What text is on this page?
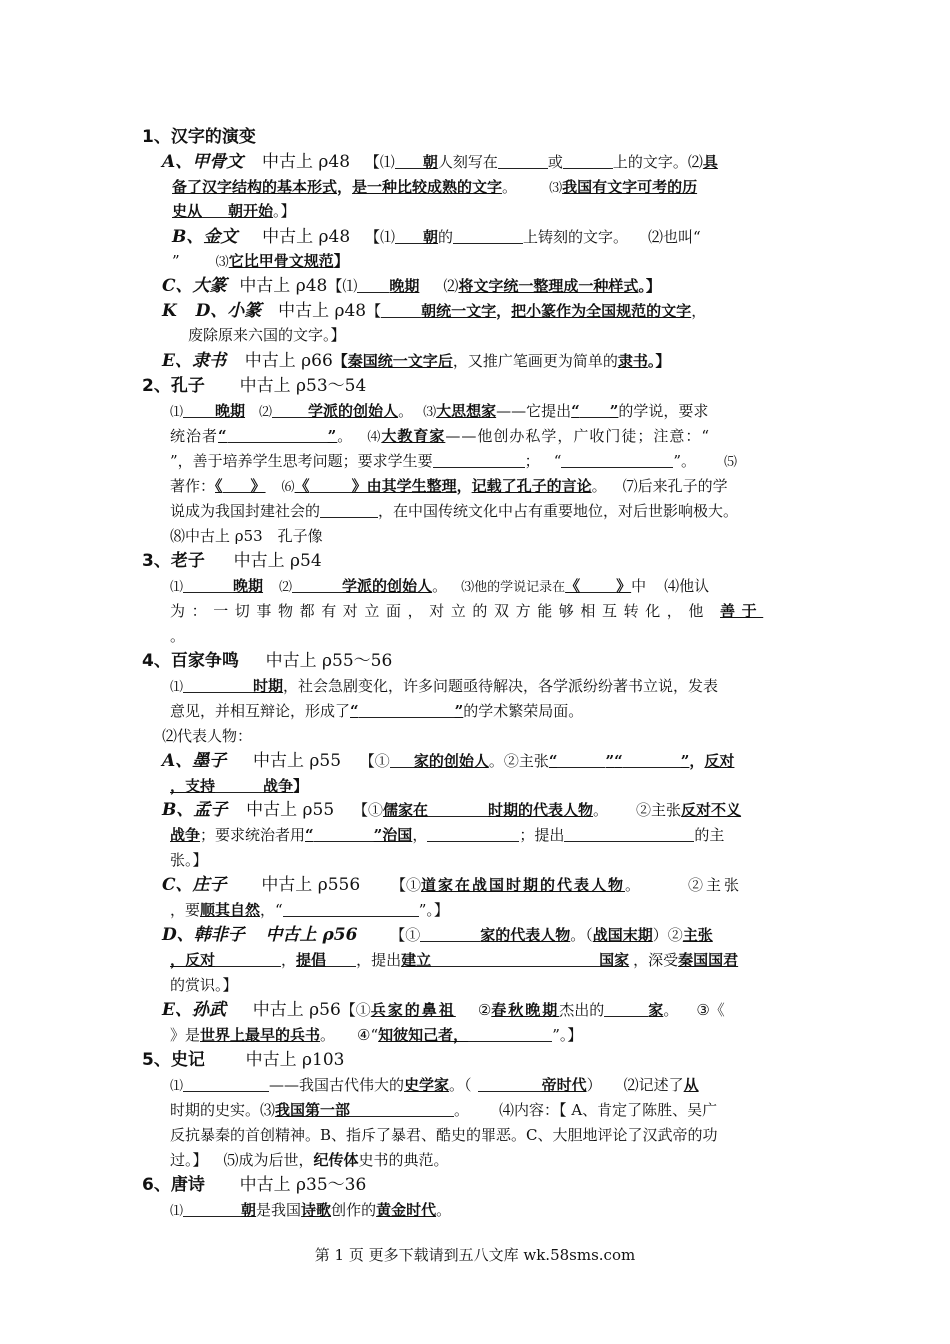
1、汉字的演变
A、甲骨文 中古上 ρ48 【⑴ 朝人刻写在	或	上的文字。⑵具
备了汉字结构的基本形式，是一种比较成熟的文字。 ⑶我国有文字可考的历
史从 朝开始。】
B、金文 中古上 ρ48 【⑴ 朝的	上铸刻的文字。 ⑵也叫“
”	⑶它比甲骨文规范】
C、大篆 中古上 ρ48【⑴ 晚期 ⑵将文字统一整理成一种样式。】
K D、小篆 中古上 ρ48【	朝统一文字，把小篆作为全国规范的文字，
废除原来六国的文字。】
E、隶书 中古上 ρ66【秦国统一文字后，又推广笔画更为简单的隶书。】
2、孔子 中古上 ρ53～54
⑴ 晚期 ⑵ 学派的创始人。 ⑶大思想家——它提出“ ”的学说，要求
统治者“	”。 ⑷大教育家——他创办私学，广收门徒；注意：“
”，善于培养学生思考问题；要求学生要	； “	”。 ⑸
著作：《 》 ⑹《	》由其学生整理，记载了孔子的言论。 ⑺后来孔子的学
说成为我国封建社会的	，在中国传统文化中占有重要地位，对后世影响极大。
⑻中古上 ρ53　孔子像
3、老子 中古上 ρ54
⑴	晚期 ⑵	学派的创始人。 ⑶他的学说记录在《 》中 ⑷他认
为：一切事物都有对立面，对立的双方能够相互转化，他 善于
。
4、百家争鸣 中古上 ρ55～56
⑴	时期，社会急剧变化，许多问题亟待解决，各学派纷纷著书立说，发表
意见，并相互辩论，形成了“	”的学术繁荣局面。
⑵代表人物：
A、墨子 中古上 ρ55 【① 家的创始人。②主张“	”“	”，反对
，支持	战争】
B、孟子 中古上 ρ55 【①儒家在	时期的代表人物。 ②主张反对不义
战争；要求统治者用“	”治国，	；提出	的主
张。】
C、庄子 中古上 ρ556 【①道家在战国时期的代表人物。	②主张
，要顺其自然，“	”。】
D、韩非子 中古上 ρ56 【①	家的代表人物。（战国末期）②主张
，反对	，提倡 ，提出建立	国家 ，深受秦国国君
的赏识。】
E、孙武 中古上 ρ56【①兵家的鼻祖 ②春秋晚期杰出的	家。 ③《
》是世界上最早的兵书。 ④“知彼知己者，	”。】
5、史记 中古上 ρ103
⑴	——我国古代伟大的史学家。（	帝时代） ⑵记述了从
时期的史实。⑶我国第一部	。 ⑷内容：【 A、肯定了陈胜、吴广
反抗暴秦的首创精神。B、指斥了暴君、酷史的罪恶。C、大胆地评论了汉武帝的功
过。】 ⑸成为后世，纪传体史书的典范。
6、唐诗 中古上 ρ35～36
⑴	朝是我国诗歌创作的黄金时代。
第 1 页 更多下载请到五八文库 wk.58sms.com
